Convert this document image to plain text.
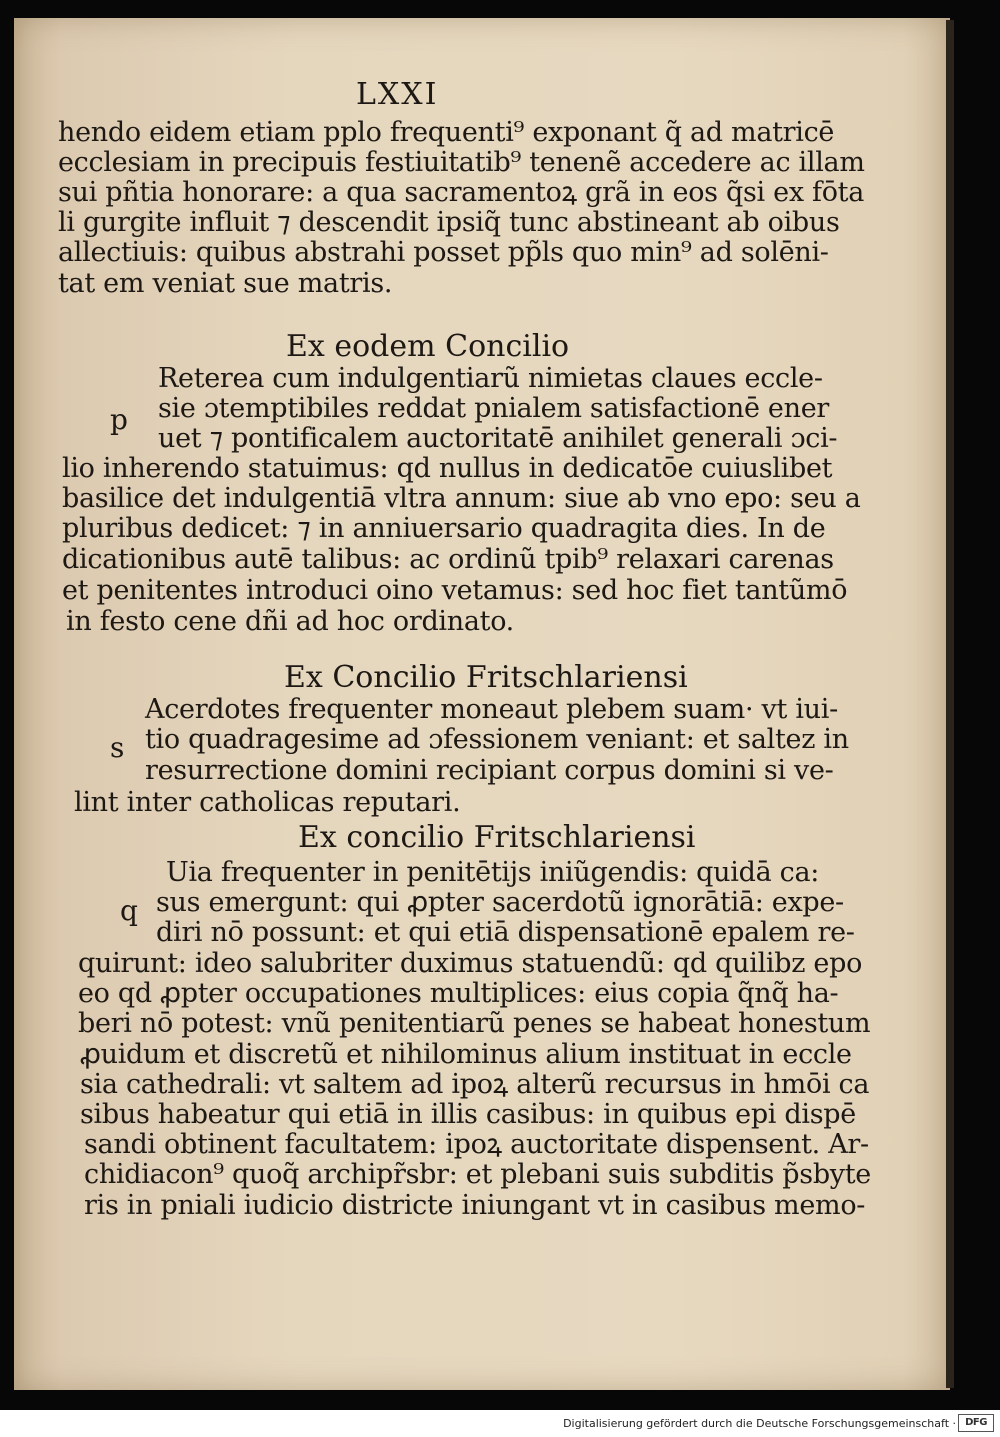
LXXI
hendo eidem etiam pplo frequenti⁹ exponant q̃ ad matricē
ecclesiam in precipuis festiuitatib⁹ tenenẽ accedere ac illam
sui pñtia honorare: a qua sacramentoꝝ grã in eos q̃si ex fōta
li gurgite influit ⁊ descendit ipsiq̃ tunc abstineant ab oibus
allectiuis: quibus abstrahi posset pp̃ls quo min⁹ ad solēni-
tat em veniat sue matris.
Ex eodem Concilio
p
Reterea cum indulgentiarũ nimietas claues eccle-
sie ɔtemptibiles reddat pnialem satisfactionē ener
uet ⁊ pontificalem auctoritatē anihilet generali ɔci-
lio inherendo statuimus: qd nullus in dedicatōe cuiuslibet
basilice det indulgentiā vltra annum: siue ab vno epo: seu a
pluribus dedicet: ⁊ in anniuersario quadragita dies. In de
dicationibus autē talibus: ac ordinũ tpib⁹ relaxari carenas
et penitentes introduci oino vetamus: sed hoc fiet tantũmō
in festo cene dñi ad hoc ordinato.
Ex Concilio Fritschlariensi
s
Acerdotes frequenter moneaut plebem suam· vt iui-
tio quadragesime ad ɔfessionem veniant: et saltez in
resurrectione domini recipiant corpus domini si ve-
lint inter catholicas reputari.
Ex concilio Fritschlariensi
q
Uia frequenter in penitētijs iniũgendis: quidā ca:
sus emergunt: qui ꝓpter sacerdotũ ignorātiā: expe-
diri nō possunt: et qui etiā dispensationē epalem re-
quirunt: ideo salubriter duximus statuendũ: qd quilibz epo
eo qd ꝓpter occupationes multiplices: eius copia q̃nq̃ ha-
beri nō potest: vnũ penitentiarũ penes se habeat honestum
ꝓuidum et discretũ et nihilominus alium instituat in eccle
sia cathedrali: vt saltem ad ipoꝝ alterũ recursus in hmōi ca
sibus habeatur qui etiā in illis casibus: in quibus epi dispē
sandi obtinent facultatem: ipoꝝ auctoritate dispensent. Ar-
chidiacon⁹ quoq̃ archipr̃sbr: et plebani suis subditis p̃sbyte
ris in pniali iudicio districte iniungant vt in casibus memo-
Digitalisierung gefördert durch die Deutsche Forschungsgemeinschaft · DFG
